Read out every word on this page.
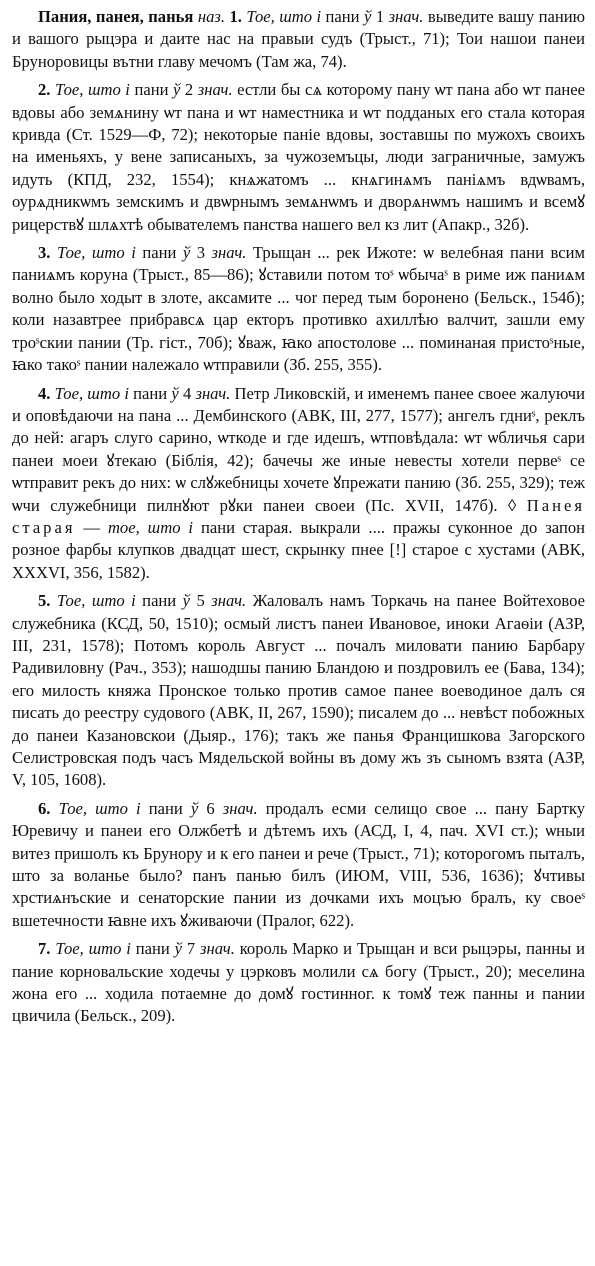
Пания, панея, панья наз. 1. Тое, што і пани ў 1 знач. выведите вашу панию и вашого рыцэра и даите нас на правыи судъ (Трыст., 71); Тои нашои панеи Бруноровицы вътни главу мечомъ (Там жа, 74).

2. Тое, што і пани ў 2 знач. естли бы сѧ которому пану ѡт пана або ѡт панее вдовы або земѧнину ѡт пана и ѡт наместника и ѡт подданых его стала которая кривда (Ст. 1529—Ф, 72); некоторые паніе вдовы, зоставшы по мужохъ своихъ на именьяхъ, у вене записаныхъ, за чужоземъцы, люди заграничные, замужъ идуть (КПД, 232, 1554); кнѧжатомъ ... кнѧгинѧмъ паніѧмъ вдѡвамъ, оурѧдникѡмъ земскимъ и двѡрнымъ земѧнѡмъ и дворѧнѡмъ нашимъ и всемꙋ рицерствꙋ шлѧхтѣ обывателемъ панства нашего вел кз лит (Апакр., 32б).

3. Тое, што і пани ў 3 знач. Трыщан ... рек Ижоте: ѡ велебная пани всим паниѧмъ коруна (Трыст., 85—86); ꙋставили потом тоˢ ѡбычаˢ в риме иж паниѧм волно было ходыт в злоте, аксамите ... чоr перед тым боронено (Бельск., 154б); коли назавтрее прибравсѧ цар екторъ противко ахиллѣю валчит, зашли ему троˢскии пании (Тр. гіст., 70б); ꙋваж, ꙗко апостолове ... поминаная пристоˢные, ꙗко такоˢ пании належало ѡтправили (Зб. 255, 355).

4. Тое, што і пани ў 4 знач. Петр Ликовскій, и именемъ панее своее жалуючи и оповѣдаючи на пана ... Дембинского (АВК, III, 277, 1577); ангелъ гдниˢ, реклъ до ней: агаръ слуго сарино, ѡткоде и где идешъ, ѡтповѣдала: ѡт ѡбличья сари панеи моеи ꙋтекаю (Біблія, 42); бачечы же иные невесты хотели первеˢ се ѡтправит рекъ до них: ѡ слꙋжебницы хочете ꙋпрежати панию (Зб. 255, 329); теж ѡчи служебници пилнꙋют рꙋки панеи своеи (Пс. XVII, 147б). ◊ Панея старая — тое, што і пани старая. выкрали .... пражы суконное до запон розное фарбы клупков двадцат шест, скрынку пнее [!] старое с хустами (АВК, XXXVI, 356, 1582).

5. Тое, што і пани ў 5 знач. Жаловалъ намъ Торкачь на панее Войтеховое служебника (КСД, 50, 1510); осмый листъ панеи Ивановое, иноки Агаѳіи (АЗР, III, 231, 1578); Потомъ король Август ... почалъ миловати панию Барбару Радивиловну (Рач., 353); нашодшы панию Бландою и поздровилъ ее (Бава, 134); его милость княжа Пронское только против самое панее воеводиное далъ ся писать до реестру судового (АВК, II, 267, 1590); писалем до ... невѣст побожных до панеи Казановскои (Дыяр., 176); такъ же панья Францишкова Загорского Селистровская подъ часъ Мядельской войны въ дому жъ зъ сыномъ взята (АЗР, V, 105, 1608).

6. Тое, што і пани ў 6 знач. продалъ есми селищо свое ... пану Бартку Юревичу и панеи его Олжбетѣ и дѣтемъ ихъ (АСД, I, 4, пач. XVI ст.); ѡныи витез пришолъ къ Брунору и к его панеи и рече (Трыст., 71); которогомъ пыталъ, што за воланье было? панъ панью билъ (ИЮМ, VIII, 536, 1636); ꙋчтивы хрстиѧнъские и сенаторские пании из дочками ихъ моцъю бралъ, ку своеˢ вшетечности ꙗвне ихъ ꙋживаючи (Пралог, 622).

7. Тое, што і пани ў 7 знач. король Марко и Трыщан и вси рыцэры, панны и пание корновальские ходечы у цэрковъ молили сѧ богу (Трыст., 20); меселина жона его ... ходила потаемне до домꙋ гостинног. к томꙋ теж панны и пании цвичила (Бельск., 209).
